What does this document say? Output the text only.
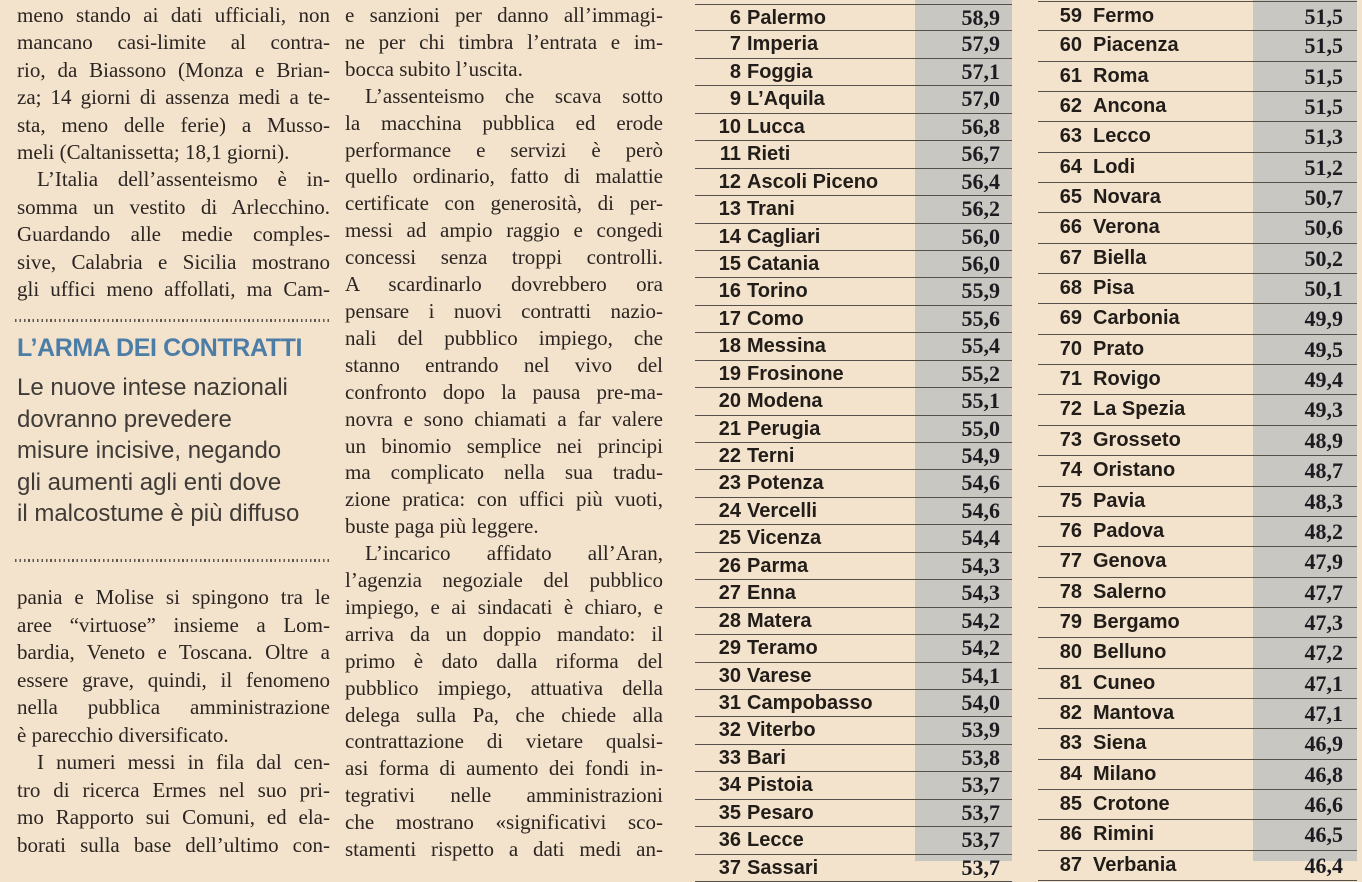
meno stando ai dati ufficiali, non
mancano casi-limite al contra-
rio, da Biassono (Monza e Brian-
za; 14 giorni di assenza medi a te-
sta, meno delle ferie) a Musso-
meli (Caltanissetta; 18,1 giorni).
L’Italia dell’assenteismo è in-
somma un vestito di Arlecchino.
Guardando alle medie comples-
sive, Calabria e Sicilia mostrano
gli uffici meno affollati, ma Cam-
L’ARMA DEI CONTRATTI
Le nuove intese nazionali
dovranno prevedere
misure incisive, negando
gli aumenti agli enti dove
il malcostume è più diffuso
pania e Molise si spingono tra le
aree “virtuose” insieme a Lom-
bardia, Veneto e Toscana. Oltre a
essere grave, quindi, il fenomeno
nella pubblica amministrazione
è parecchio diversificato.
I numeri messi in fila dal cen-
tro di ricerca Ermes nel suo pri-
mo Rapporto sui Comuni, ed ela-
borati sulla base dell’ultimo con-
e sanzioni per danno all’immagi-
ne per chi timbra l’entrata e im-
bocca subito l’uscita.
L’assenteismo che scava sotto
la macchina pubblica ed erode
performance e servizi è però
quello ordinario, fatto di malattie
certificate con generosità, di per-
messi ad ampio raggio e congedi
concessi senza troppi controlli.
A scardinarlo dovrebbero ora
pensare i nuovi contratti nazio-
nali del pubblico impiego, che
stanno entrando nel vivo del
confronto dopo la pausa pre-ma-
novra e sono chiamati a far valere
un binomio semplice nei principi
ma complicato nella sua tradu-
zione pratica: con uffici più vuoti,
buste paga più leggere.
L’incarico affidato all’Aran,
l’agenzia negoziale del pubblico
impiego, e ai sindacati è chiaro, e
arriva da un doppio mandato: il
primo è dato dalla riforma del
pubblico impiego, attuativa della
delega sulla Pa, che chiede alla
contrattazione di vietare qualsi-
asi forma di aumento dei fondi in-
tegrativi nelle amministrazioni
che mostrano «significativi sco-
stamenti rispetto a dati medi an-
6 Palermo	58,9
7 Imperia	57,9
8 Foggia	57,1
9 L’Aquila	57,0
10 Lucca	56,8
11 Rieti	56,7
12 Ascoli Piceno	56,4
13 Trani	56,2
14 Cagliari	56,0
15 Catania	56,0
16 Torino	55,9
17 Como	55,6
18 Messina	55,4
19 Frosinone	55,2
20 Modena	55,1
21 Perugia	55,0
22 Terni	54,9
23 Potenza	54,6
24 Vercelli	54,6
25 Vicenza	54,4
26 Parma	54,3
27 Enna	54,3
28 Matera	54,2
29 Teramo	54,2
30 Varese	54,1
31 Campobasso	54,0
32 Viterbo	53,9
33 Bari	53,8
34 Pistoia	53,7
35 Pesaro	53,7
36 Lecce	53,7
37 Sassari	53,7
59 Fermo	51,5
60 Piacenza	51,5
61 Roma	51,5
62 Ancona	51,5
63 Lecco	51,3
64 Lodi	51,2
65 Novara	50,7
66 Verona	50,6
67 Biella	50,2
68 Pisa	50,1
69 Carbonia	49,9
70 Prato	49,5
71 Rovigo	49,4
72 La Spezia	49,3
73 Grosseto	48,9
74 Oristano	48,7
75 Pavia	48,3
76 Padova	48,2
77 Genova	47,9
78 Salerno	47,7
79 Bergamo	47,3
80 Belluno	47,2
81 Cuneo	47,1
82 Mantova	47,1
83 Siena	46,9
84 Milano	46,8
85 Crotone	46,6
86 Rimini	46,5
87 Verbania	46,4
